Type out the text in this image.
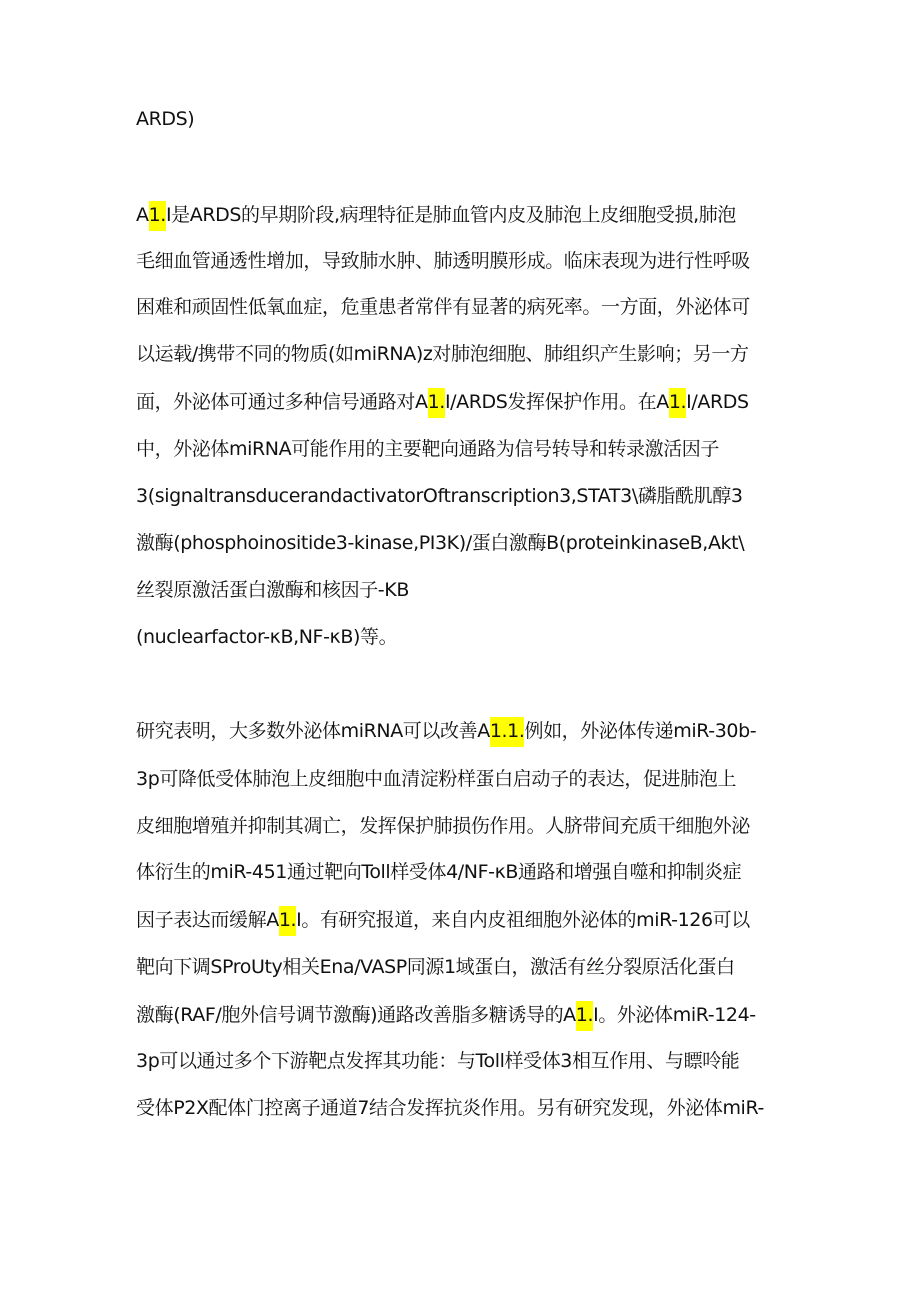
ARDS)
A1.I是ARDS的早期阶段,病理特征是肺血管内皮及肺泡上皮细胞受损,肺泡
毛细血管通透性增加，导致肺水肿、肺透明膜形成。临床表现为进行性呼吸
困难和顽固性低氧血症，危重患者常伴有显著的病死率。一方面，外泌体可
以运载/携带不同的物质(如miRNA)z对肺泡细胞、肺组织产生影响；另一方
面，外泌体可通过多种信号通路对A1.I/ARDS发挥保护作用。在A1.I/ARDS
中，外泌体miRNA可能作用的主要靶向通路为信号转导和转录激活因子
3(signaltransducerandactivatorOftranscription3,STAT3\磷脂酰肌醇3
激酶(phosphoinositide3-kinase,PI3K)/蛋白激酶B(proteinkinaseB,Akt\
丝裂原激活蛋白激酶和核因子-KB
(nuclearfactor-κB,NF-κB)等。
研究表明，大多数外泌体miRNA可以改善A1.1.例如，外泌体传递miR-30b-
3p可降低受体肺泡上皮细胞中血清淀粉样蛋白启动子的表达，促进肺泡上
皮细胞增殖并抑制其凋亡，发挥保护肺损伤作用。人脐带间充质干细胞外泌
体衍生的miR-451通过靶向Toll样受体4/NF-κB通路和增强自噬和抑制炎症
因子表达而缓解A1.I。有研究报道，来自内皮祖细胞外泌体的miR-126可以
靶向下调SProUty相关Ena/VASP同源1域蛋白，激活有丝分裂原活化蛋白
激酶(RAF/胞外信号调节激酶)通路改善脂多糖诱导的A1.I。外泌体miR-124-
3p可以通过多个下游靶点发挥其功能：与Toll样受体3相互作用、与瞟呤能
受体P2X配体门控离子通道7结合发挥抗炎作用。另有研究发现，外泌体miR-
